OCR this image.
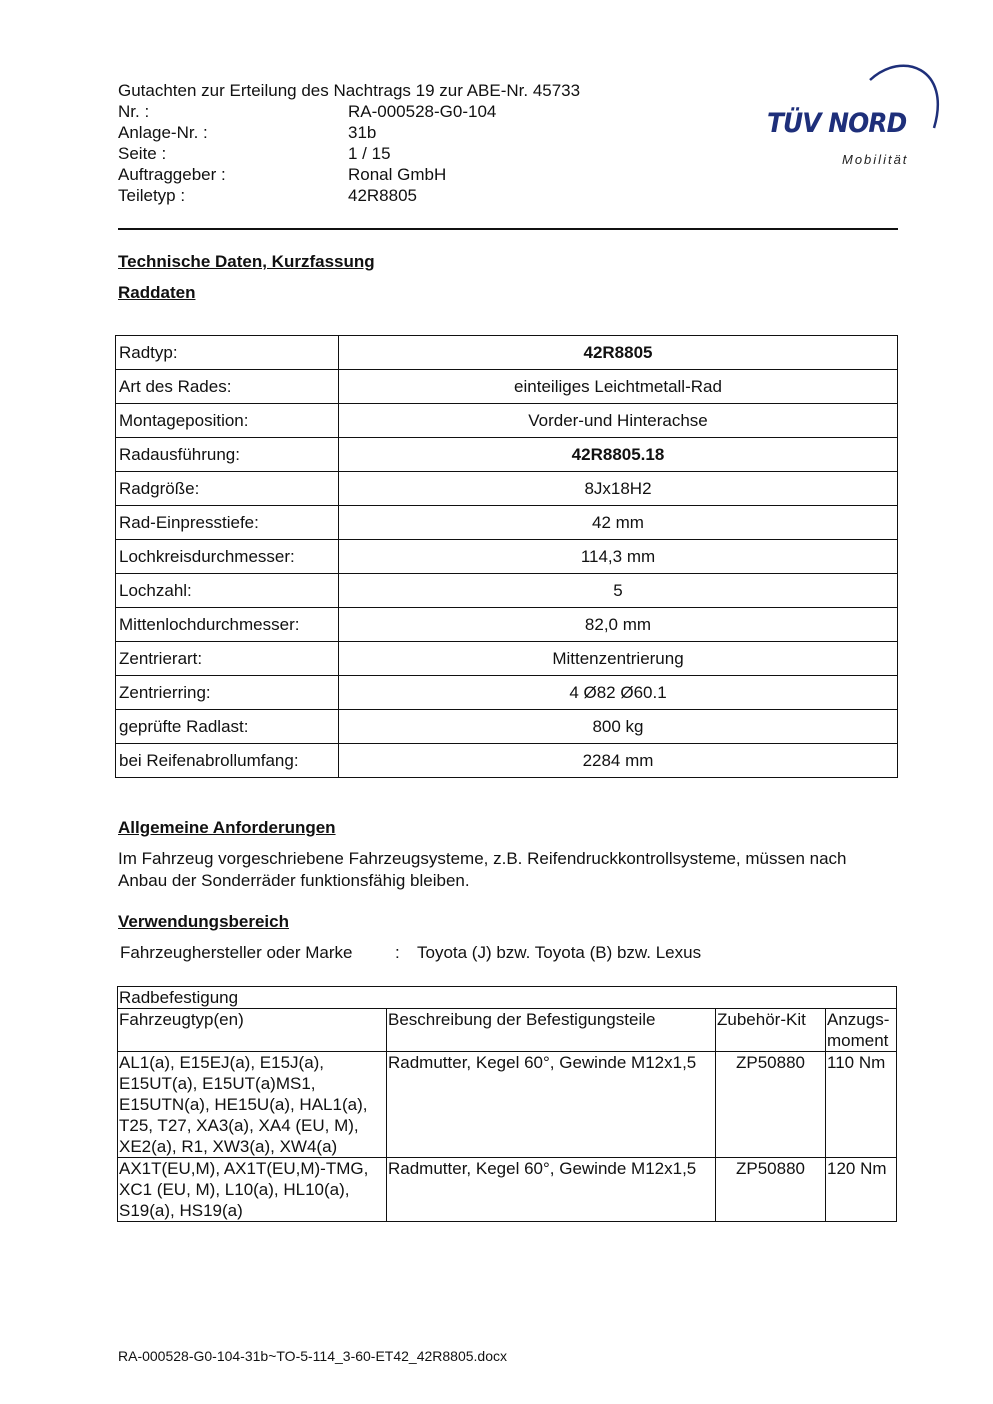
Gutachten zur Erteilung des Nachtrags 19 zur ABE-Nr. 45733
Nr. :	RA-000528-G0-104
Anlage-Nr. :	31b
Seite :	1 / 15
Auftraggeber :	Ronal GmbH
Teiletyp :	42R8805
TÜV NORD
Mobilität
Technische Daten, Kurzfassung
Raddaten
Radtyp:	42R8805
Art des Rades:	einteiliges Leichtmetall-Rad
Montageposition:	Vorder-und Hinterachse
Radausführung:	42R8805.18
Radgröße:	8Jx18H2
Rad-Einpresstiefe:	42 mm
Lochkreisdurchmesser:	114,3 mm
Lochzahl:	5
Mittenlochdurchmesser:	82,0 mm
Zentrierart:	Mittenzentrierung
Zentrierring:	4 Ø82 Ø60.1
geprüfte Radlast:	800 kg
bei Reifenabrollumfang:	2284 mm
Allgemeine Anforderungen
Im Fahrzeug vorgeschriebene Fahrzeugsysteme, z.B. Reifendruckkontrollsysteme, müssen nach Anbau der Sonderräder funktionsfähig bleiben.
Verwendungsbereich
Fahrzeughersteller oder Marke	:	Toyota (J) bzw. Toyota (B) bzw. Lexus
Radbefestigung			
Fahrzeugtyp(en)	Beschreibung der Befestigungsteile	Zubehör-Kit	Anzugs-moment
AL1(a), E15EJ(a), E15J(a), E15UT(a), E15UT(a)MS1, E15UTN(a), HE15U(a), HAL1(a), T25, T27, XA3(a), XA4 (EU, M), XE2(a), R1, XW3(a), XW4(a)	Radmutter, Kegel 60°, Gewinde M12x1,5	ZP50880	110 Nm
AX1T(EU,M), AX1T(EU,M)-TMG, XC1 (EU, M), L10(a), HL10(a), S19(a), HS19(a)	Radmutter, Kegel 60°, Gewinde M12x1,5	ZP50880	120 Nm
RA-000528-G0-104-31b~TO-5-114_3-60-ET42_42R8805.docx
